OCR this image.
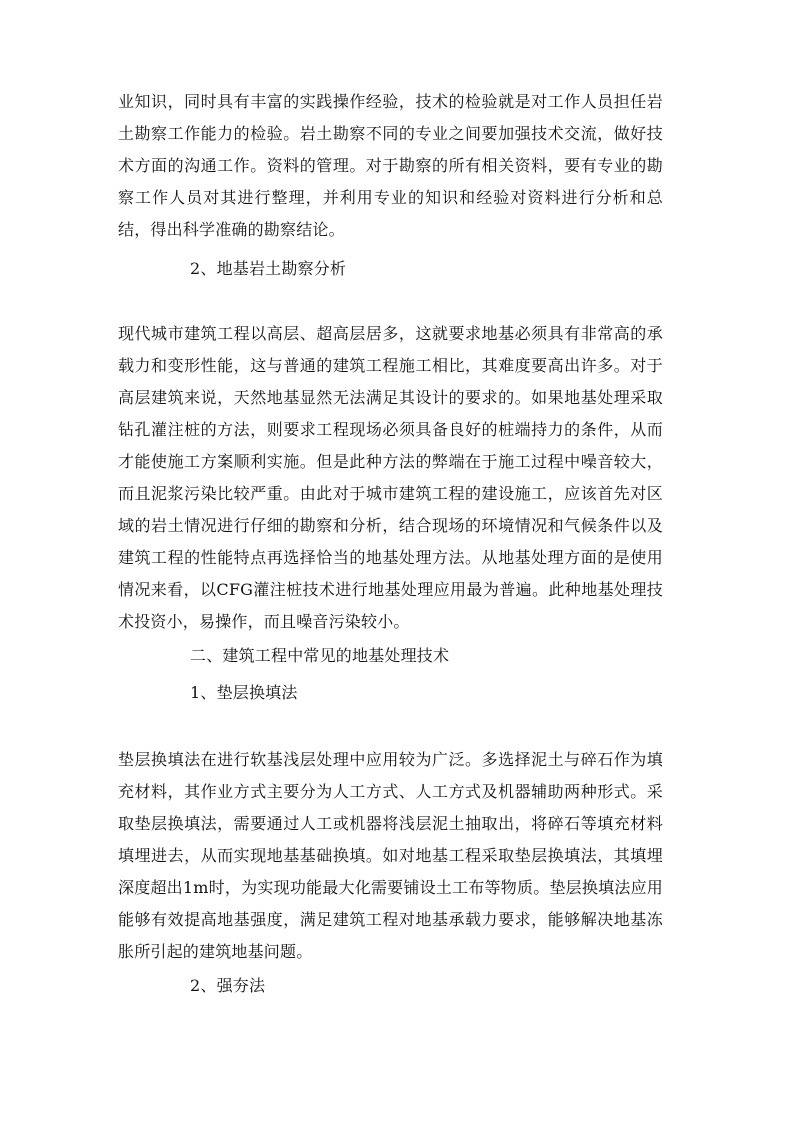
业知识，同时具有丰富的实践操作经验，技术的检验就是对工作人员担任岩土勘察工作能力的检验。岩土勘察不同的专业之间要加强技术交流，做好技术方面的沟通工作。资料的管理。对于勘察的所有相关资料，要有专业的勘察工作人员对其进行整理，并利用专业的知识和经验对资料进行分析和总结，得出科学准确的勘察结论。

2、地基岩土勘察分析

现代城市建筑工程以高层、超高层居多，这就要求地基必须具有非常高的承载力和变形性能，这与普通的建筑工程施工相比，其难度要高出许多。对于高层建筑来说，天然地基显然无法满足其设计的要求的。如果地基处理采取钻孔灌注桩的方法，则要求工程现场必须具备良好的桩端持力的条件，从而才能使施工方案顺利实施。但是此种方法的弊端在于施工过程中噪音较大，而且泥浆污染比较严重。由此对于城市建筑工程的建设施工，应该首先对区域的岩土情况进行仔细的勘察和分析，结合现场的环境情况和气候条件以及建筑工程的性能特点再选择恰当的地基处理方法。从地基处理方面的是使用情况来看，以CFG灌注桩技术进行地基处理应用最为普遍。此种地基处理技术投资小，易操作，而且噪音污染较小。

二、建筑工程中常见的地基处理技术

1、垫层换填法

垫层换填法在进行软基浅层处理中应用较为广泛。多选择泥土与碎石作为填充材料，其作业方式主要分为人工方式、人工方式及机器辅助两种形式。采取垫层换填法，需要通过人工或机器将浅层泥土抽取出，将碎石等填充材料填埋进去，从而实现地基基础换填。如对地基工程采取垫层换填法，其填埋深度超出1m时，为实现功能最大化需要铺设土工布等物质。垫层换填法应用能够有效提高地基强度，满足建筑工程对地基承载力要求，能够解决地基冻胀所引起的建筑地基问题。

2、强夯法
